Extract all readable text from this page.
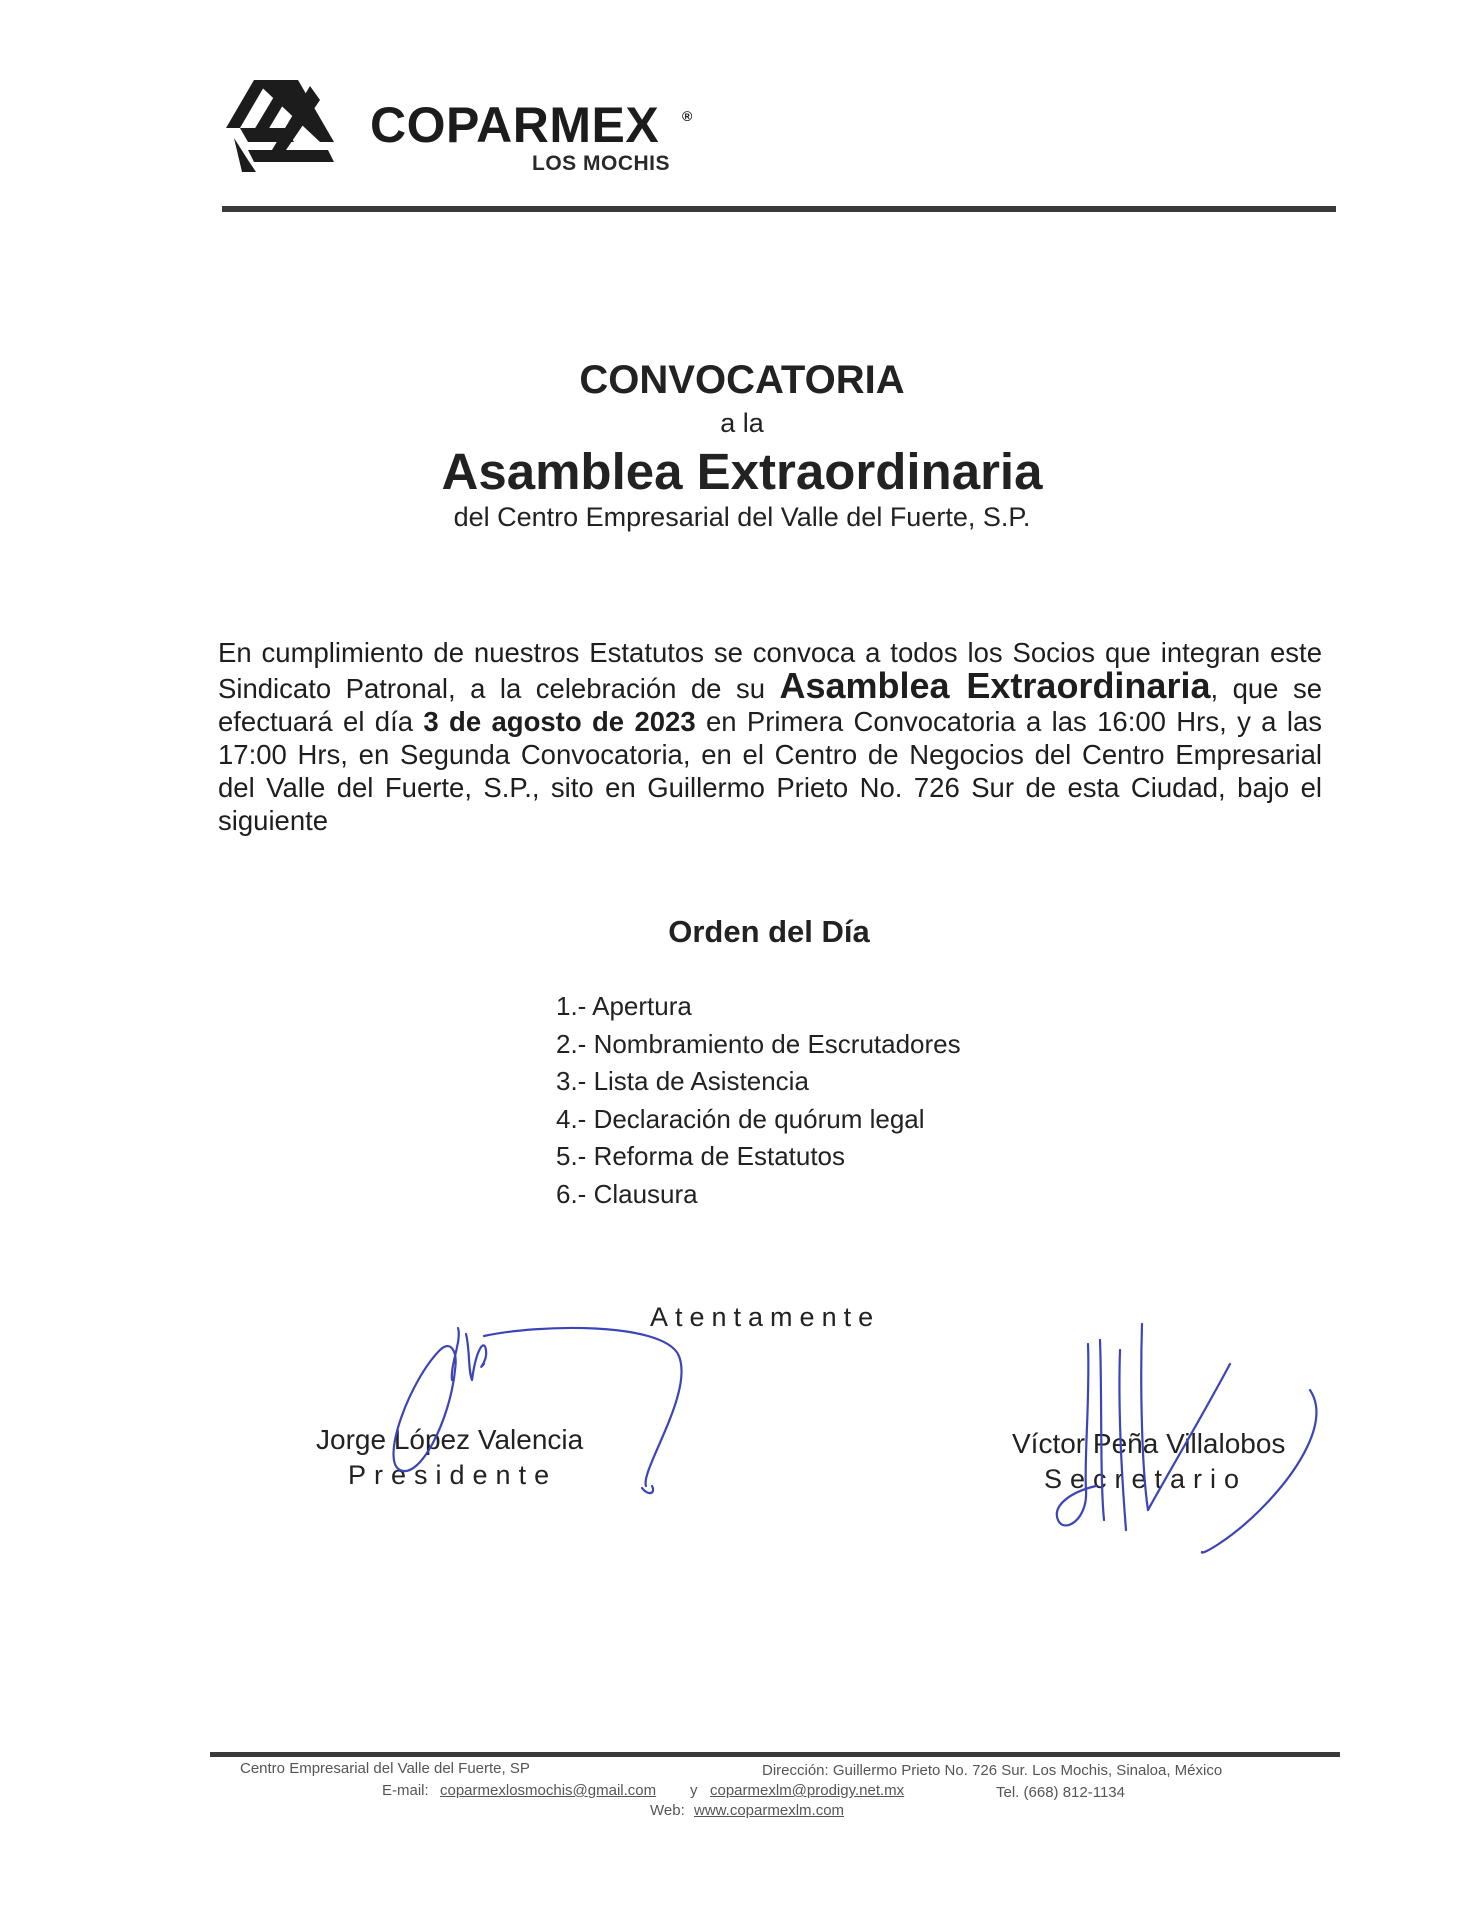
COPARMEX ®
LOS MOCHIS
CONVOCATORIA
a la
Asamblea Extraordinaria
del Centro Empresarial del Valle del Fuerte, S.P.
En cumplimiento de nuestros Estatutos se convoca a todos los Socios que integran este Sindicato Patronal, a la celebración de su Asamblea Extraordinaria, que se efectuará el día 3 de agosto de 2023 en Primera Convocatoria a las 16:00 Hrs, y a las 17:00 Hrs, en Segunda Convocatoria, en el Centro de Negocios del Centro Empresarial del Valle del Fuerte, S.P., sito en Guillermo Prieto No. 726 Sur de esta Ciudad, bajo el siguiente
Orden del Día
1.- Apertura
2.- Nombramiento de Escrutadores
3.- Lista de Asistencia
4.- Declaración de quórum legal
5.- Reforma de Estatutos
6.- Clausura
Atentamente
Jorge López Valencia
Presidente
Víctor Peña Villalobos
Secretario
Centro Empresarial del Valle del Fuerte, SP	Dirección: Guillermo Prieto No. 726 Sur. Los Mochis, Sinaloa, México
E-mail: coparmexlosmochis@gmail.com y coparmexlm@prodigy.net.mx	Tel. (668) 812-1134
Web: www.coparmexlm.com
